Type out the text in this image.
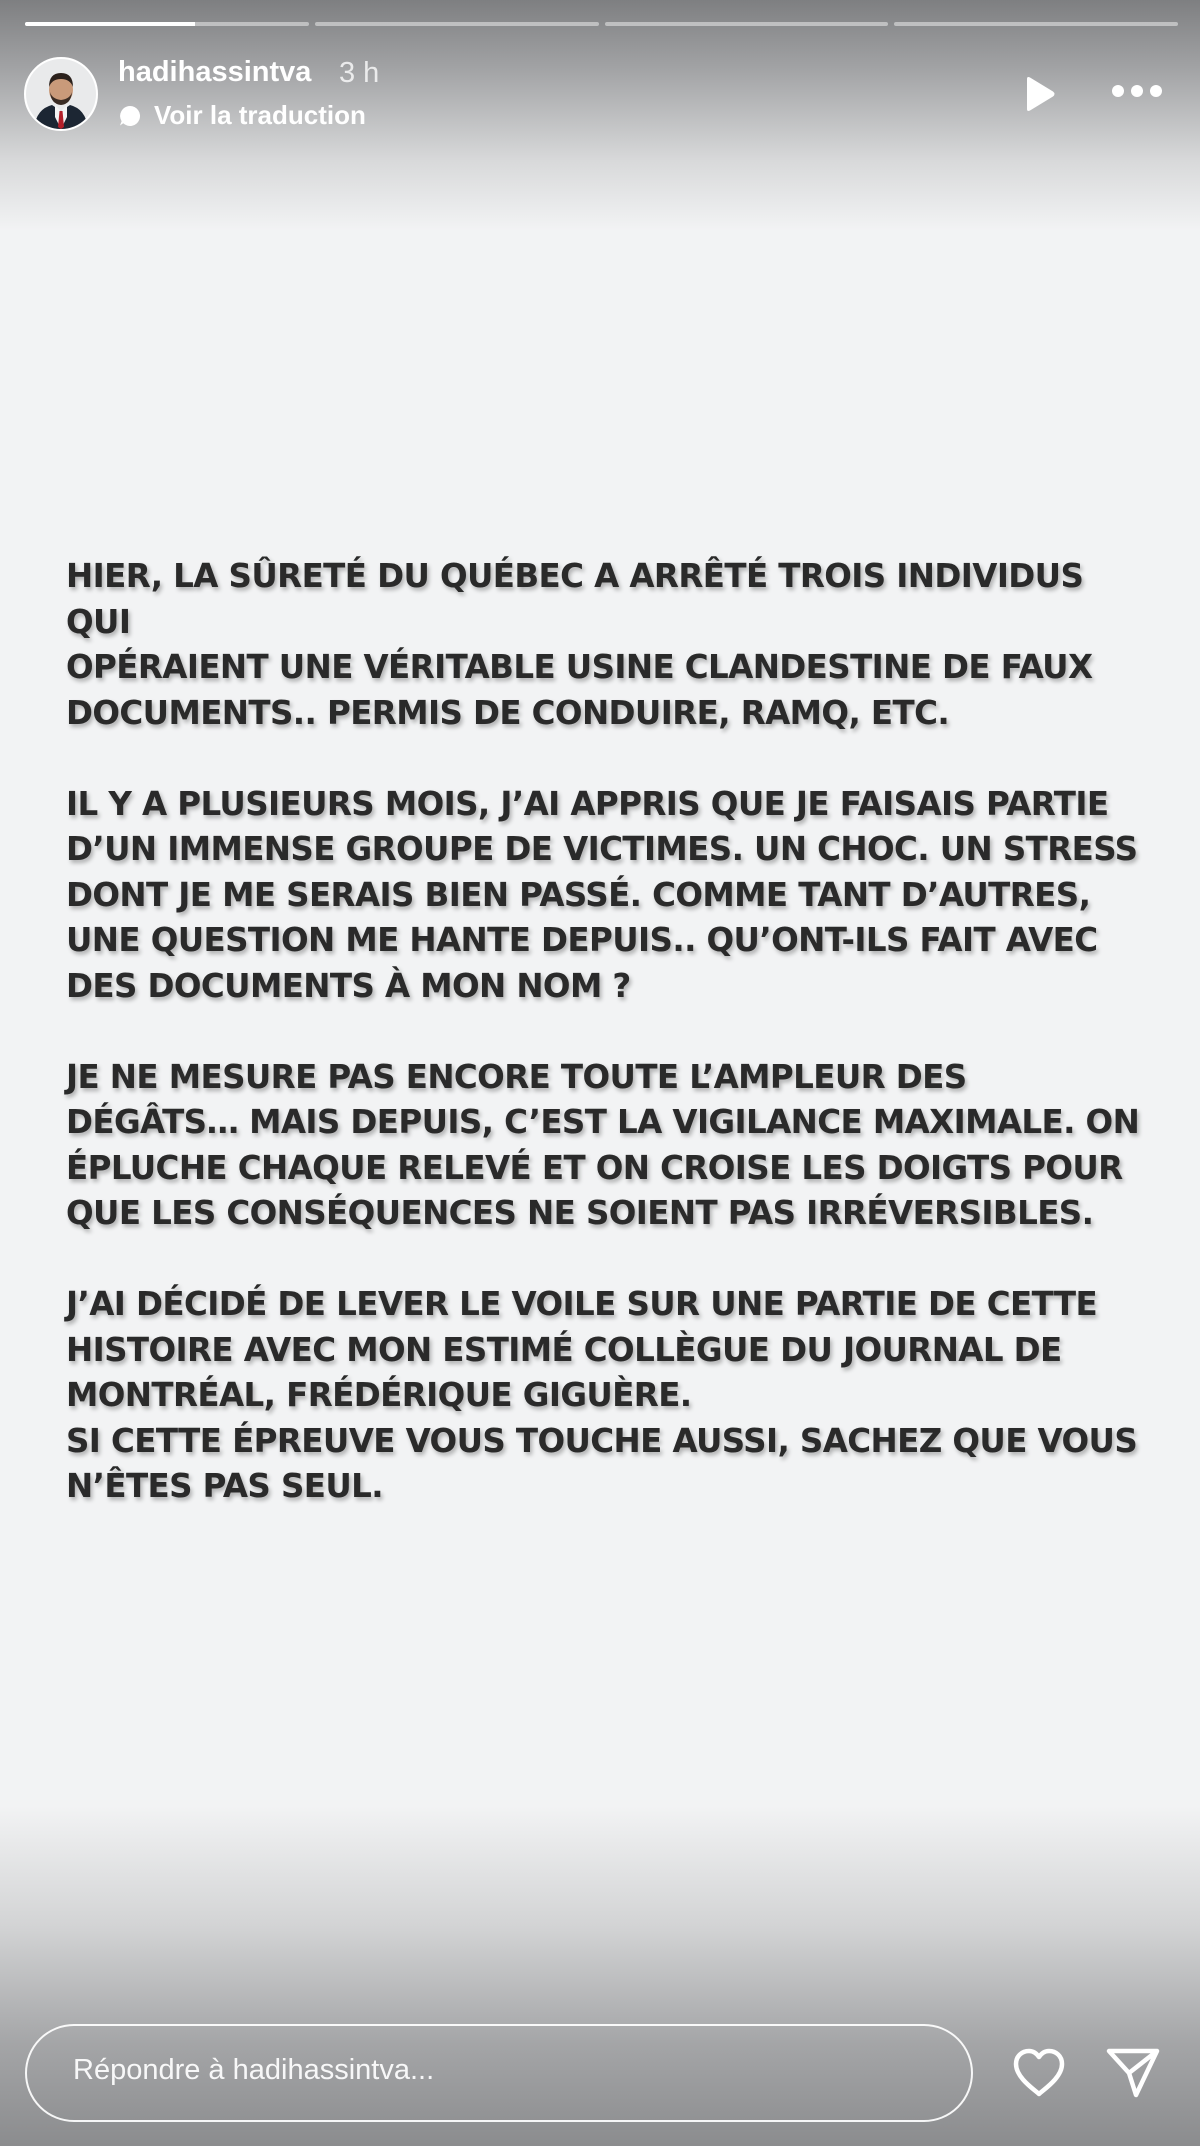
hadihassintva 3 h
Voir la traduction

HIER, LA SÛRETÉ DU QUÉBEC A ARRÊTÉ TROIS INDIVIDUS QUI
OPÉRAIENT UNE VÉRITABLE USINE CLANDESTINE DE FAUX
DOCUMENTS.. PERMIS DE CONDUIRE, RAMQ, ETC.

IL Y A PLUSIEURS MOIS, J’AI APPRIS QUE JE FAISAIS PARTIE
D’UN IMMENSE GROUPE DE VICTIMES. UN CHOC. UN STRESS
DONT JE ME SERAIS BIEN PASSÉ. COMME TANT D’AUTRES,
UNE QUESTION ME HANTE DEPUIS.. QU’ONT-ILS FAIT AVEC
DES DOCUMENTS À MON NOM ?

JE NE MESURE PAS ENCORE TOUTE L’AMPLEUR DES
DÉGÂTS… MAIS DEPUIS, C’EST LA VIGILANCE MAXIMALE. ON
ÉPLUCHE CHAQUE RELEVÉ ET ON CROISE LES DOIGTS POUR
QUE LES CONSÉQUENCES NE SOIENT PAS IRRÉVERSIBLES.

J’AI DÉCIDÉ DE LEVER LE VOILE SUR UNE PARTIE DE CETTE
HISTOIRE AVEC MON ESTIMÉ COLLÈGUE DU JOURNAL DE
MONTRÉAL, FRÉDÉRIQUE GIGUÈRE.
SI CETTE ÉPREUVE VOUS TOUCHE AUSSI, SACHEZ QUE VOUS
N’ÊTES PAS SEUL.

Répondre à hadihassintva...
